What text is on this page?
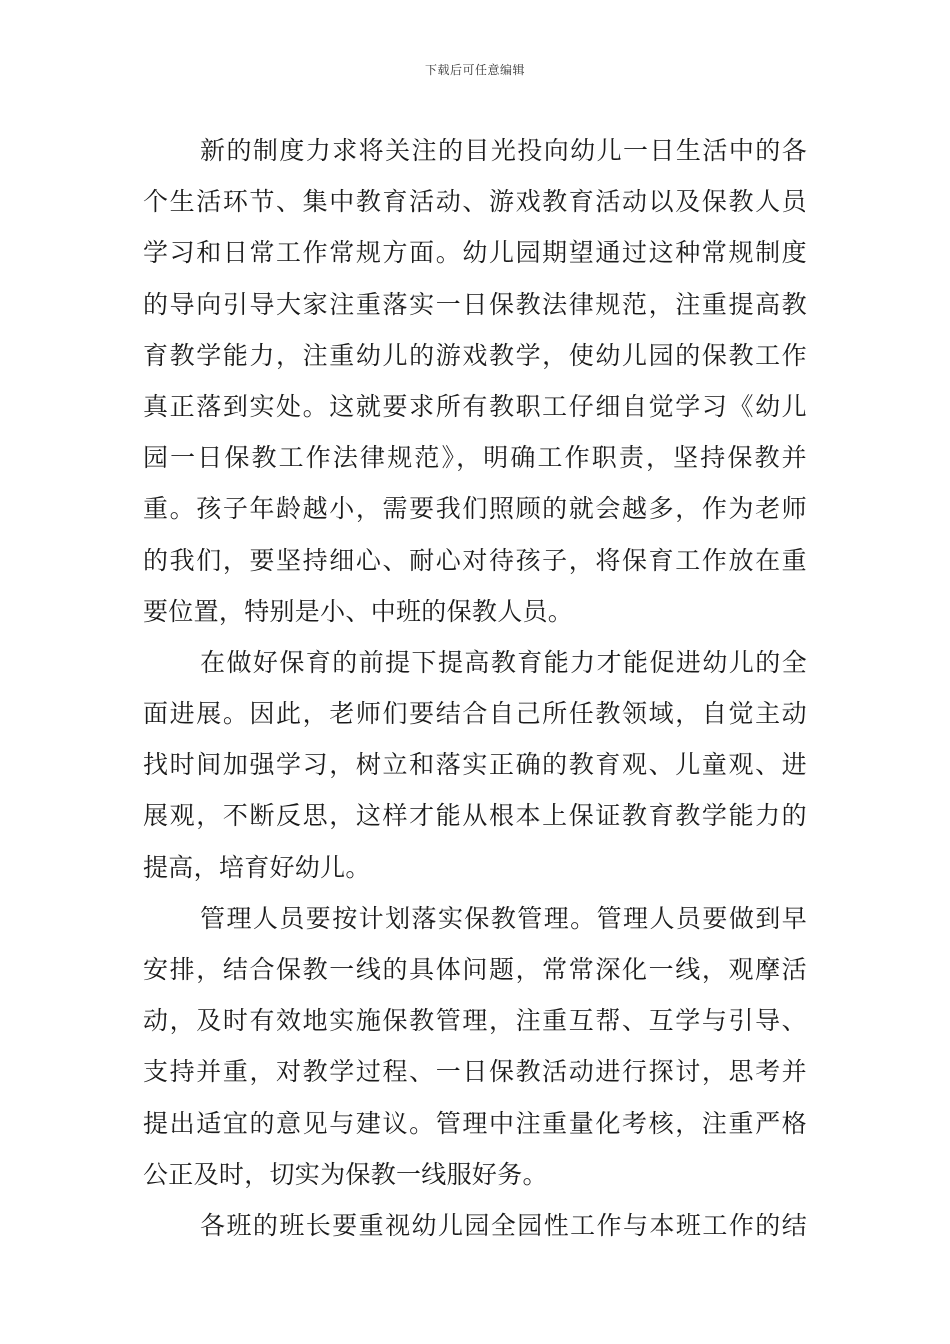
下载后可任意编辑
新的制度力求将关注的目光投向幼儿一日生活中的各
个生活环节、集中教育活动、游戏教育活动以及保教人员
学习和日常工作常规方面。幼儿园期望通过这种常规制度
的导向引导大家注重落实一日保教法律规范，注重提高教
育教学能力，注重幼儿的游戏教学，使幼儿园的保教工作
真正落到实处。这就要求所有教职工仔细自觉学习《幼儿
园一日保教工作法律规范》，明确工作职责，坚持保教并
重。孩子年龄越小，需要我们照顾的就会越多，作为老师
的我们，要坚持细心、耐心对待孩子，将保育工作放在重
要位置，特别是小、中班的保教人员。
在做好保育的前提下提高教育能力才能促进幼儿的全
面进展。因此，老师们要结合自己所任教领域，自觉主动
找时间加强学习，树立和落实正确的教育观、儿童观、进
展观，不断反思，这样才能从根本上保证教育教学能力的
提高，培育好幼儿。
管理人员要按计划落实保教管理。管理人员要做到早
安排，结合保教一线的具体问题，常常深化一线，观摩活
动，及时有效地实施保教管理，注重互帮、互学与引导、
支持并重，对教学过程、一日保教活动进行探讨，思考并
提出适宜的意见与建议。管理中注重量化考核，注重严格
公正及时，切实为保教一线服好务。
各班的班长要重视幼儿园全园性工作与本班工作的结
